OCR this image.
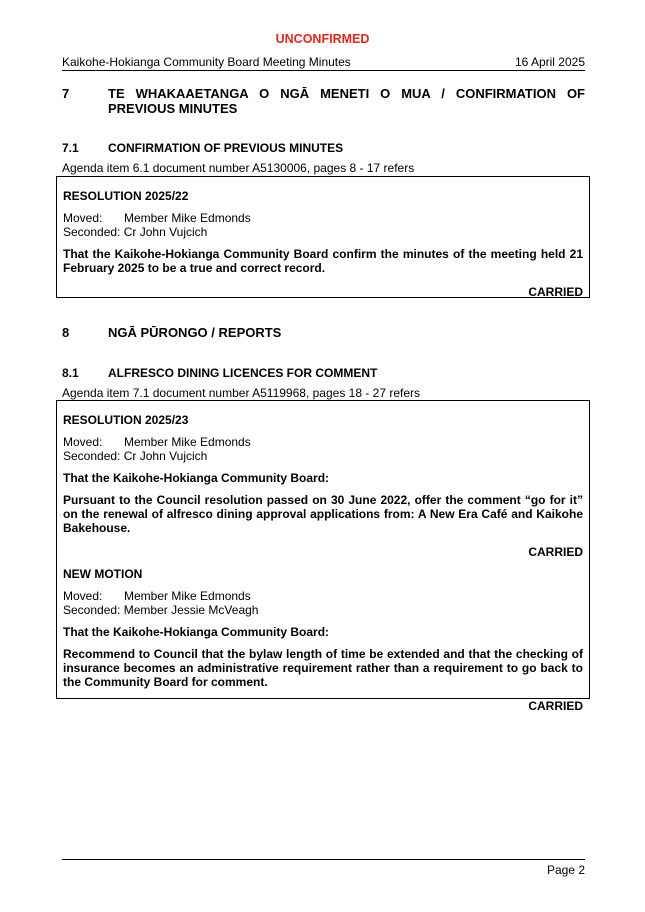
UNCONFIRMED
Kaikohe-Hokianga Community Board Meeting Minutes	16 April 2025
7	TE WHAKAAETANGA O NGĀ MENETI O MUA / CONFIRMATION OF PREVIOUS MINUTES
7.1	CONFIRMATION OF PREVIOUS MINUTES
Agenda item 6.1 document number A5130006, pages 8 - 17 refers
RESOLUTION 2025/22
Moved: Member Mike Edmonds
Seconded: Cr John Vujcich
That the Kaikohe-Hokianga Community Board confirm the minutes of the meeting held 21 February 2025 to be a true and correct record.
CARRIED
8	NGĀ PŪRONGO / REPORTS
8.1	ALFRESCO DINING LICENCES FOR COMMENT
Agenda item 7.1 document number A5119968, pages 18 - 27 refers
RESOLUTION 2025/23
Moved: Member Mike Edmonds
Seconded: Cr John Vujcich
That the Kaikohe-Hokianga Community Board:
Pursuant to the Council resolution passed on 30 June 2022, offer the comment “go for it” on the renewal of alfresco dining approval applications from: A New Era Café and Kaikohe Bakehouse.
CARRIED
NEW MOTION
Moved: Member Mike Edmonds
Seconded: Member Jessie McVeagh
That the Kaikohe-Hokianga Community Board:
Recommend to Council that the bylaw length of time be extended and that the checking of insurance becomes an administrative requirement rather than a requirement to go back to the Community Board for comment.
CARRIED
Page 2
